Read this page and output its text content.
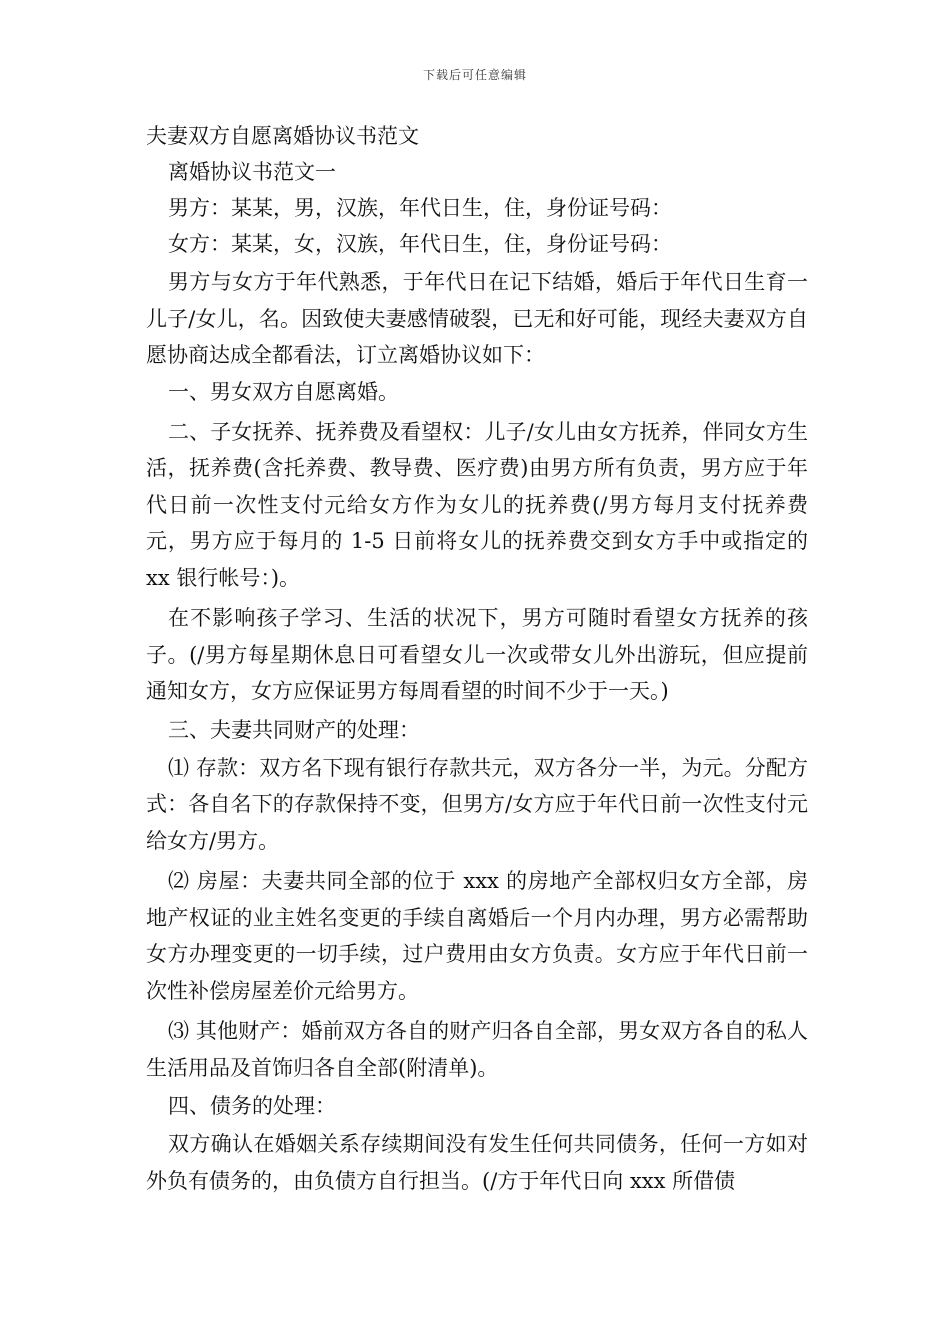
下载后可任意编辑
夫妻双方自愿离婚协议书范文
离婚协议书范文一
男方：某某，男，汉族，年代日生，住，身份证号码：
女方：某某，女，汉族，年代日生，住，身份证号码：

男方与女方于年代熟悉，于年代日在记下结婚，婚后于年代日生育一儿子/女儿，名。因致使夫妻感情破裂，已无和好可能，现经夫妻双方自愿协商达成全都看法，订立离婚协议如下：

一、男女双方自愿离婚。

二、子女抚养、抚养费及看望权：儿子/女儿由女方抚养，伴同女方生活，抚养费(含托养费、教导费、医疗费)由男方所有负责，男方应于年代日前一次性支付元给女方作为女儿的抚养费(/男方每月支付抚养费元，男方应于每月的 1-5 日前将女儿的抚养费交到女方手中或指定的 xx 银行帐号：)。

在不影响孩子学习、生活的状况下，男方可随时看望女方抚养的孩子。(/男方每星期休息日可看望女儿一次或带女儿外出游玩，但应提前通知女方，女方应保证男方每周看望的时间不少于一天。)

三、夫妻共同财产的处理：

⑴ 存款：双方名下现有银行存款共元，双方各分一半，为元。分配方式：各自名下的存款保持不变，但男方/女方应于年代日前一次性支付元给女方/男方。

⑵ 房屋：夫妻共同全部的位于 xxx 的房地产全部权归女方全部，房地产权证的业主姓名变更的手续自离婚后一个月内办理，男方必需帮助女方办理变更的一切手续，过户费用由女方负责。女方应于年代日前一次性补偿房屋差价元给男方。

⑶ 其他财产：婚前双方各自的财产归各自全部，男女双方各自的私人生活用品及首饰归各自全部(附清单)。

四、债务的处理：

双方确认在婚姻关系存续期间没有发生任何共同债务，任何一方如对外负有债务的，由负债方自行担当。(/方于年代日向 xxx 所借债
